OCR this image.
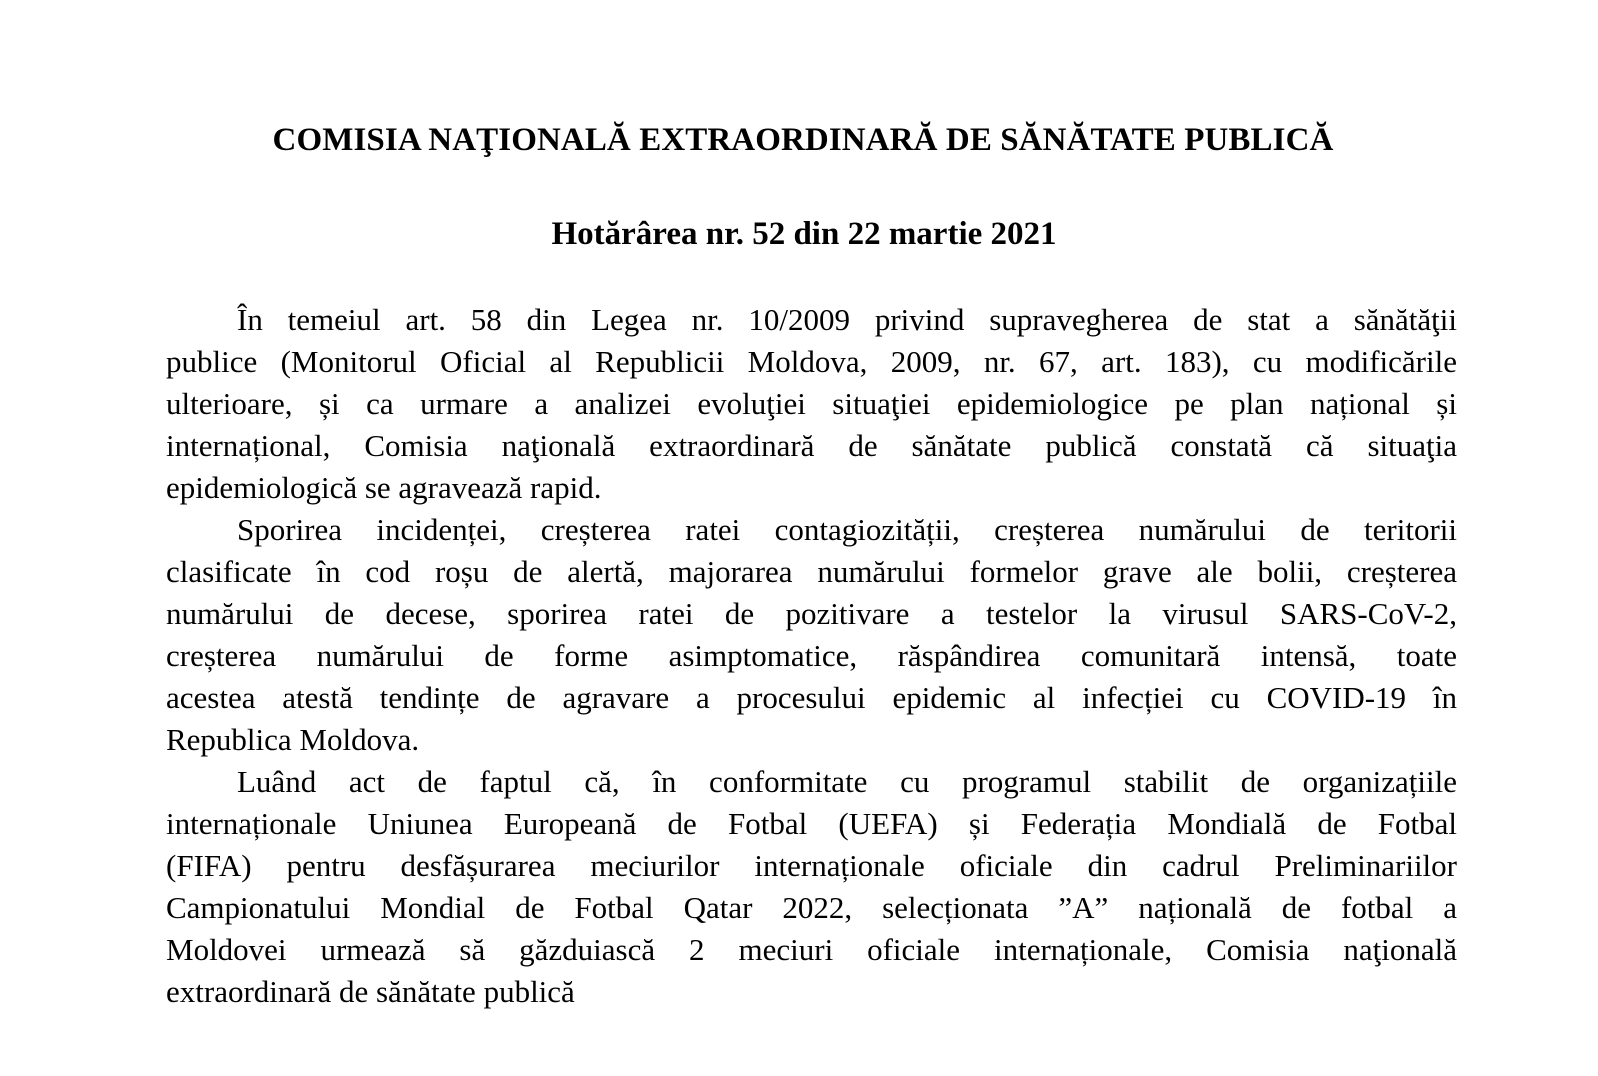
COMISIA NAŢIONALĂ EXTRAORDINARĂ DE SĂNĂTATE PUBLICĂ
Hotărârea nr. 52 din 22 martie 2021
În temeiul art. 58 din Legea nr. 10/2009 privind supravegherea de stat a sănătăţii
publice (Monitorul Oficial al Republicii Moldova, 2009, nr. 67, art. 183), cu modificările
ulterioare, și ca urmare a analizei evoluţiei situaţiei epidemiologice pe plan național și
internațional, Comisia naţională extraordinară de sănătate publică constată că situaţia
epidemiologică se agravează rapid.
Sporirea incidenței, creșterea ratei contagiozității, creșterea numărului de teritorii
clasificate în cod roșu de alertă, majorarea numărului formelor grave ale bolii, creșterea
numărului de decese, sporirea ratei de pozitivare a testelor la virusul SARS-CoV-2,
creșterea numărului de forme asimptomatice, răspândirea comunitară intensă, toate
acestea atestă tendințe de agravare a procesului epidemic al infecției cu COVID-19 în
Republica Moldova.
Luând act de faptul că, în conformitate cu programul stabilit de organizațiile
internaționale Uniunea Europeană de Fotbal (UEFA) și Federația Mondială de Fotbal
(FIFA) pentru desfășurarea meciurilor internaționale oficiale din cadrul Preliminariilor
Campionatului Mondial de Fotbal Qatar 2022, selecționata ”A” națională de fotbal a
Moldovei urmează să găzduiască 2 meciuri oficiale internaționale, Comisia naţională
extraordinară de sănătate publică
